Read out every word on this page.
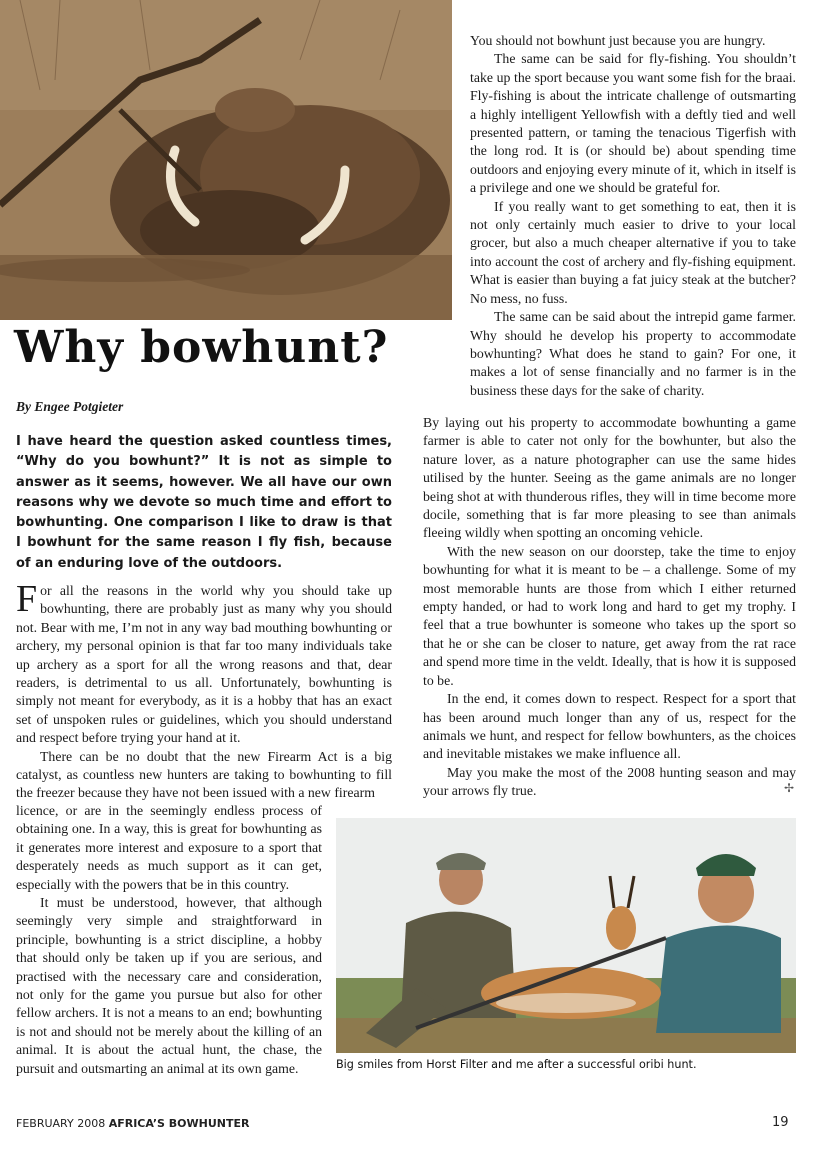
Why bowhunt?
By Engee Potgieter

I have heard the question asked countless times, “Why do you bowhunt?” It is not as simple to answer as it seems, however. We all have our own reasons why we devote so much time and effort to bowhunting. One comparison I like to draw is that I bowhunt for the same reason I fly fish, because of an enduring love of the outdoors.

For all the reasons in the world why you should take up bowhunting, there are probably just as many why you should not. Bear with me, I’m not in any way bad mouthing bowhunting or archery, my personal opinion is that far too many individuals take up archery as a sport for all the wrong reasons and that, dear readers, is detrimental to us all. Unfortunately, bowhunting is simply not meant for everybody, as it is a hobby that has an exact set of unspoken rules or guidelines, which you should understand and respect before trying your hand at it.

There can be no doubt that the new Firearm Act is a big catalyst, as countless new hunters are taking to bowhunting to fill the freezer because they have not been issued with a new firearm

licence, or are in the seemingly endless process of obtaining one. In a way, this is great for bowhunting as it generates more interest and exposure to a sport that desperately needs as much support as it can get, especially with the powers that be in this country.

It must be understood, however, that although seemingly very simple and straightforward in principle, bowhunting is a strict discipline, a hobby that should only be taken up if you are serious, and practised with the necessary care and consideration, not only for the game you pursue but also for other fellow archers. It is not a means to an end; bowhunting is not and should not be merely about the killing of an animal. It is about the actual hunt, the chase, the pursuit and outsmarting an animal at its own game.

You should not bowhunt just because you are hungry.

The same can be said for fly-fishing. You shouldn’t take up the sport because you want some fish for the braai. Fly-fishing is about the intricate challenge of outsmarting a highly intelligent Yellowfish with a deftly tied and well presented pattern, or taming the tenacious Tigerfish with the long rod. It is (or should be) about spending time outdoors and enjoying every minute of it, which in itself is a privilege and one we should be grateful for.

If you really want to get something to eat, then it is not only certainly much easier to drive to your local grocer, but also a much cheaper alternative if you to take into account the cost of archery and fly-fishing equipment. What is easier than buying a fat juicy steak at the butcher? No mess, no fuss.

The same can be said about the intrepid game farmer. Why should he develop his property to accommodate bowhunting? What does he stand to gain? For one, it makes a lot of sense financially and no farmer is in the business these days for the sake of charity.

By laying out his property to accommodate bowhunting a game farmer is able to cater not only for the bowhunter, but also the nature lover, as a nature photographer can use the same hides utilised by the hunter. Seeing as the game animals are no longer being shot at with thunderous rifles, they will in time become more docile, something that is far more pleasing to see than animals fleeing wildly when spotting an oncoming vehicle.

With the new season on our doorstep, take the time to enjoy bowhunting for what it is meant to be – a challenge. Some of my most memorable hunts are those from which I either returned empty handed, or had to work long and hard to get my trophy. I feel that a true bowhunter is someone who takes up the sport so that he or she can be closer to nature, get away from the rat race and spend more time in the veldt. Ideally, that is how it is supposed to be.

In the end, it comes down to respect. Respect for a sport that has been around much longer than any of us, respect for the animals we hunt, and respect for fellow bowhunters, as the choices and inevitable mistakes we make influence all.

May you make the most of the 2008 hunting season and may your arrows fly true.	✢
Big smiles from Horst Filter and me after a successful oribi hunt.
FEBRUARY 2008 AFRICA’S BOWHUNTER	19
